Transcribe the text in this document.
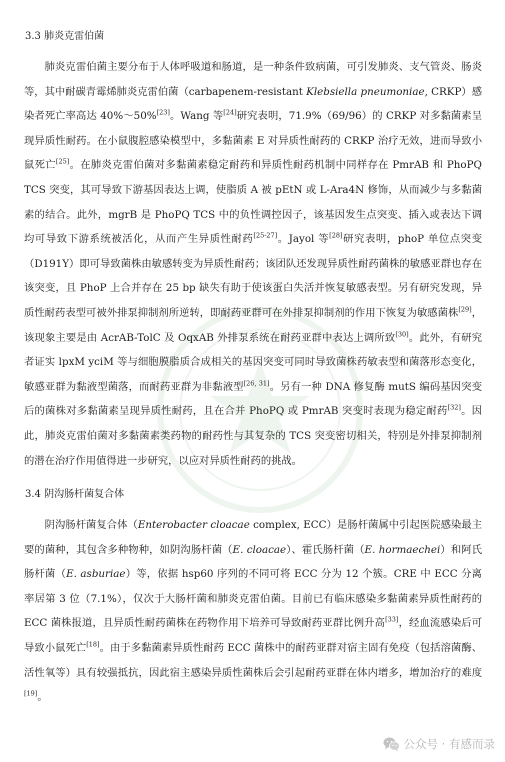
3.3 肺炎克雷伯菌

肺炎克雷伯菌主要分布于人体呼吸道和肠道，是一种条件致病菌，可引发肺炎、支气管炎、肠炎等，其中耐碳青霉烯肺炎克雷伯菌（carbapenem-resistant Klebsiella pneumoniae, CRKP）感染者死亡率高达 40%～50%[23]。Wang 等[24]研究表明，71.9%（69/96）的 CRKP 对多黏菌素呈现异质性耐药。在小鼠腹腔感染模型中，多黏菌素 E 对异质性耐药的 CRKP 治疗无效，进而导致小鼠死亡[25]。在肺炎克雷伯菌对多黏菌素稳定耐药和异质性耐药机制中同样存在 PmrAB 和 PhoPQ TCS 突变，其可导致下游基因表达上调，使脂质 A 被 pEtN 或 L-Ara4N 修饰，从而减少与多黏菌素的结合。此外，mgrB 是 PhoPQ TCS 中的负性调控因子，该基因发生点突变、插入或表达下调均可导致下游系统被活化，从而产生异质性耐药[25-27]。Jayol 等[28]研究表明，phoP 单位点突变（D191Y）即可导致菌株由敏感转变为异质性耐药；该团队还发现异质性耐药菌株的敏感亚群也存在该突变，且 PhoP 上合并存在 25 bp 缺失有助于使该蛋白失活并恢复敏感表型。另有研究发现，异质性耐药表型可被外排泵抑制剂所逆转，即耐药亚群可在外排泵抑制剂的作用下恢复为敏感菌株[29]，该现象主要是由 AcrAB-TolC 及 OqxAB 外排泵系统在耐药亚群中表达上调所致[30]。此外，有研究者证实 lpxM yciM 等与细胞膜脂质合成相关的基因突变可同时导致菌株药敏表型和菌落形态变化，敏感亚群为黏液型菌落，而耐药亚群为非黏液型[26, 31]。另有一种 DNA 修复酶 mutS 编码基因突变后的菌株对多黏菌素呈现异质性耐药，且在合并 PhoPQ 或 PmrAB 突变时表现为稳定耐药[32]。因此，肺炎克雷伯菌对多黏菌素类药物的耐药性与其复杂的 TCS 突变密切相关，特别是外排泵抑制剂的潜在治疗作用值得进一步研究，以应对异质性耐药的挑战。

3.4 阴沟肠杆菌复合体

阴沟肠杆菌复合体（Enterobacter cloacae complex, ECC）是肠杆菌属中引起医院感染最主要的菌种，其包含多种物种，如阴沟肠杆菌（E. cloacae）、霍氏肠杆菌（E. hormaechei）和阿氏肠杆菌（E. asburiae）等，依据 hsp60 序列的不同可将 ECC 分为 12 个簇。CRE 中 ECC 分离率居第 3 位（7.1%），仅次于大肠杆菌和肺炎克雷伯菌。目前已有临床感染多黏菌素异质性耐药的 ECC 菌株报道，且异质性耐药菌株在药物作用下培养可导致耐药亚群比例升高[33]，经血流感染后可导致小鼠死亡[18]。由于多黏菌素异质性耐药 ECC 菌株中的耐药亚群对宿主固有免疫（包括溶菌酶、活性氧等）具有较强抵抗，因此宿主感染异质性菌株后会引起耐药亚群在体内增多，增加治疗的难度[19]。

公众号 · 有感而录
